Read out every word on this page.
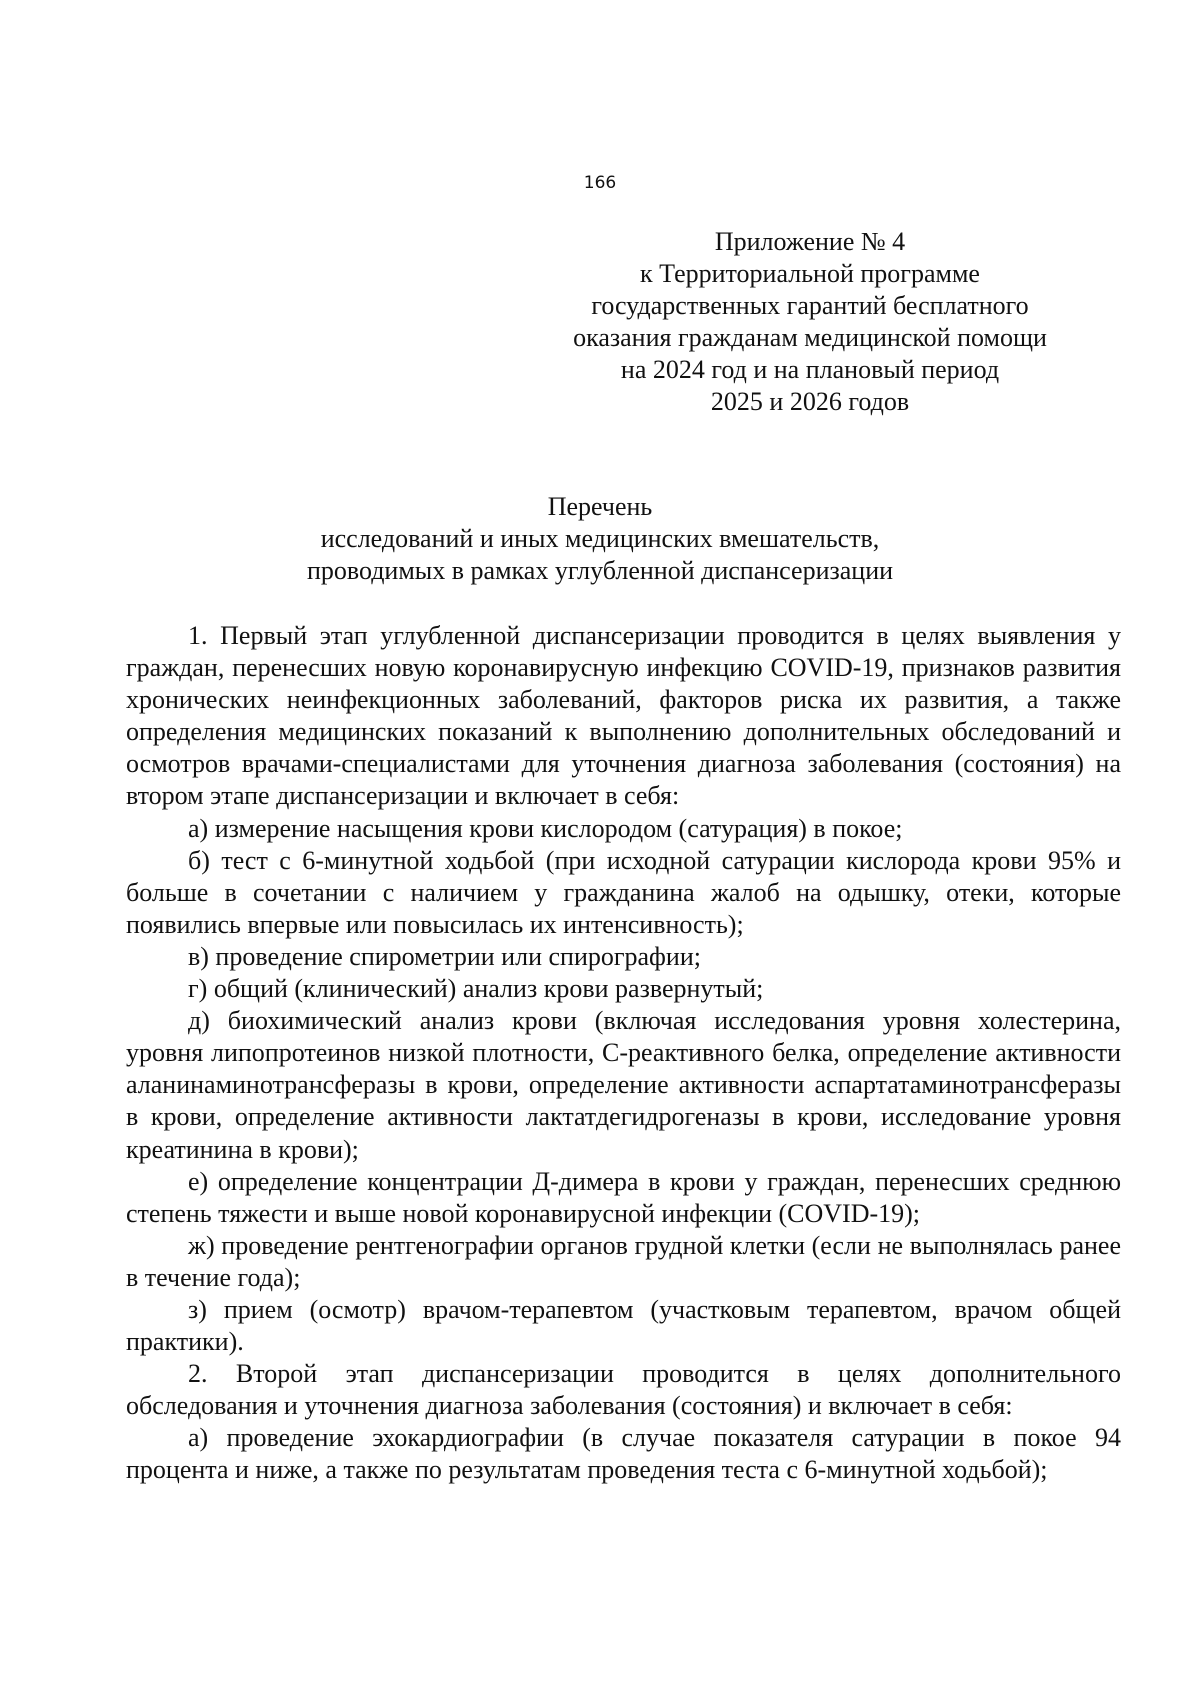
166
Приложение № 4
к Территориальной программе
государственных гарантий бесплатного
оказания гражданам медицинской помощи
на 2024 год и на плановый период
2025 и 2026 годов
Перечень
исследований и иных медицинских вмешательств,
проводимых в рамках углубленной диспансеризации

1. Первый этап углубленной диспансеризации проводится в целях выявления у граждан, перенесших новую коронавирусную инфекцию COVID-19, признаков развития хронических неинфекционных заболеваний, факторов риска их развития, а также определения медицинских показаний к выполнению дополнительных обследований и осмотров врачами-специалистами для уточнения диагноза заболевания (состояния) на втором этапе диспансеризации и включает в себя:

а) измерение насыщения крови кислородом (сатурация) в покое;

б) тест с 6-минутной ходьбой (при исходной сатурации кислорода крови 95% и больше в сочетании с наличием у гражданина жалоб на одышку, отеки, которые появились впервые или повысилась их интенсивность);

в) проведение спирометрии или спирографии;

г) общий (клинический) анализ крови развернутый;

д) биохимический анализ крови (включая исследования уровня холестерина, уровня липопротеинов низкой плотности, С-реактивного белка, определение активности аланинаминотрансферазы в крови, определение активности аспартатаминотрансферазы в крови, определение активности лактатдегидрогеназы в крови, исследование уровня креатинина в крови);

е) определение концентрации Д-димера в крови у граждан, перенесших среднюю степень тяжести и выше новой коронавирусной инфекции (COVID-19);

ж) проведение рентгенографии органов грудной клетки (если не выполнялась ранее в течение года);

з) прием (осмотр) врачом-терапевтом (участковым терапевтом, врачом общей практики).

2. Второй этап диспансеризации проводится в целях дополнительного обследования и уточнения диагноза заболевания (состояния) и включает в себя:

а) проведение эхокардиографии (в случае показателя сатурации в покое 94 процента и ниже, а также по результатам проведения теста с 6-минутной ходьбой);
